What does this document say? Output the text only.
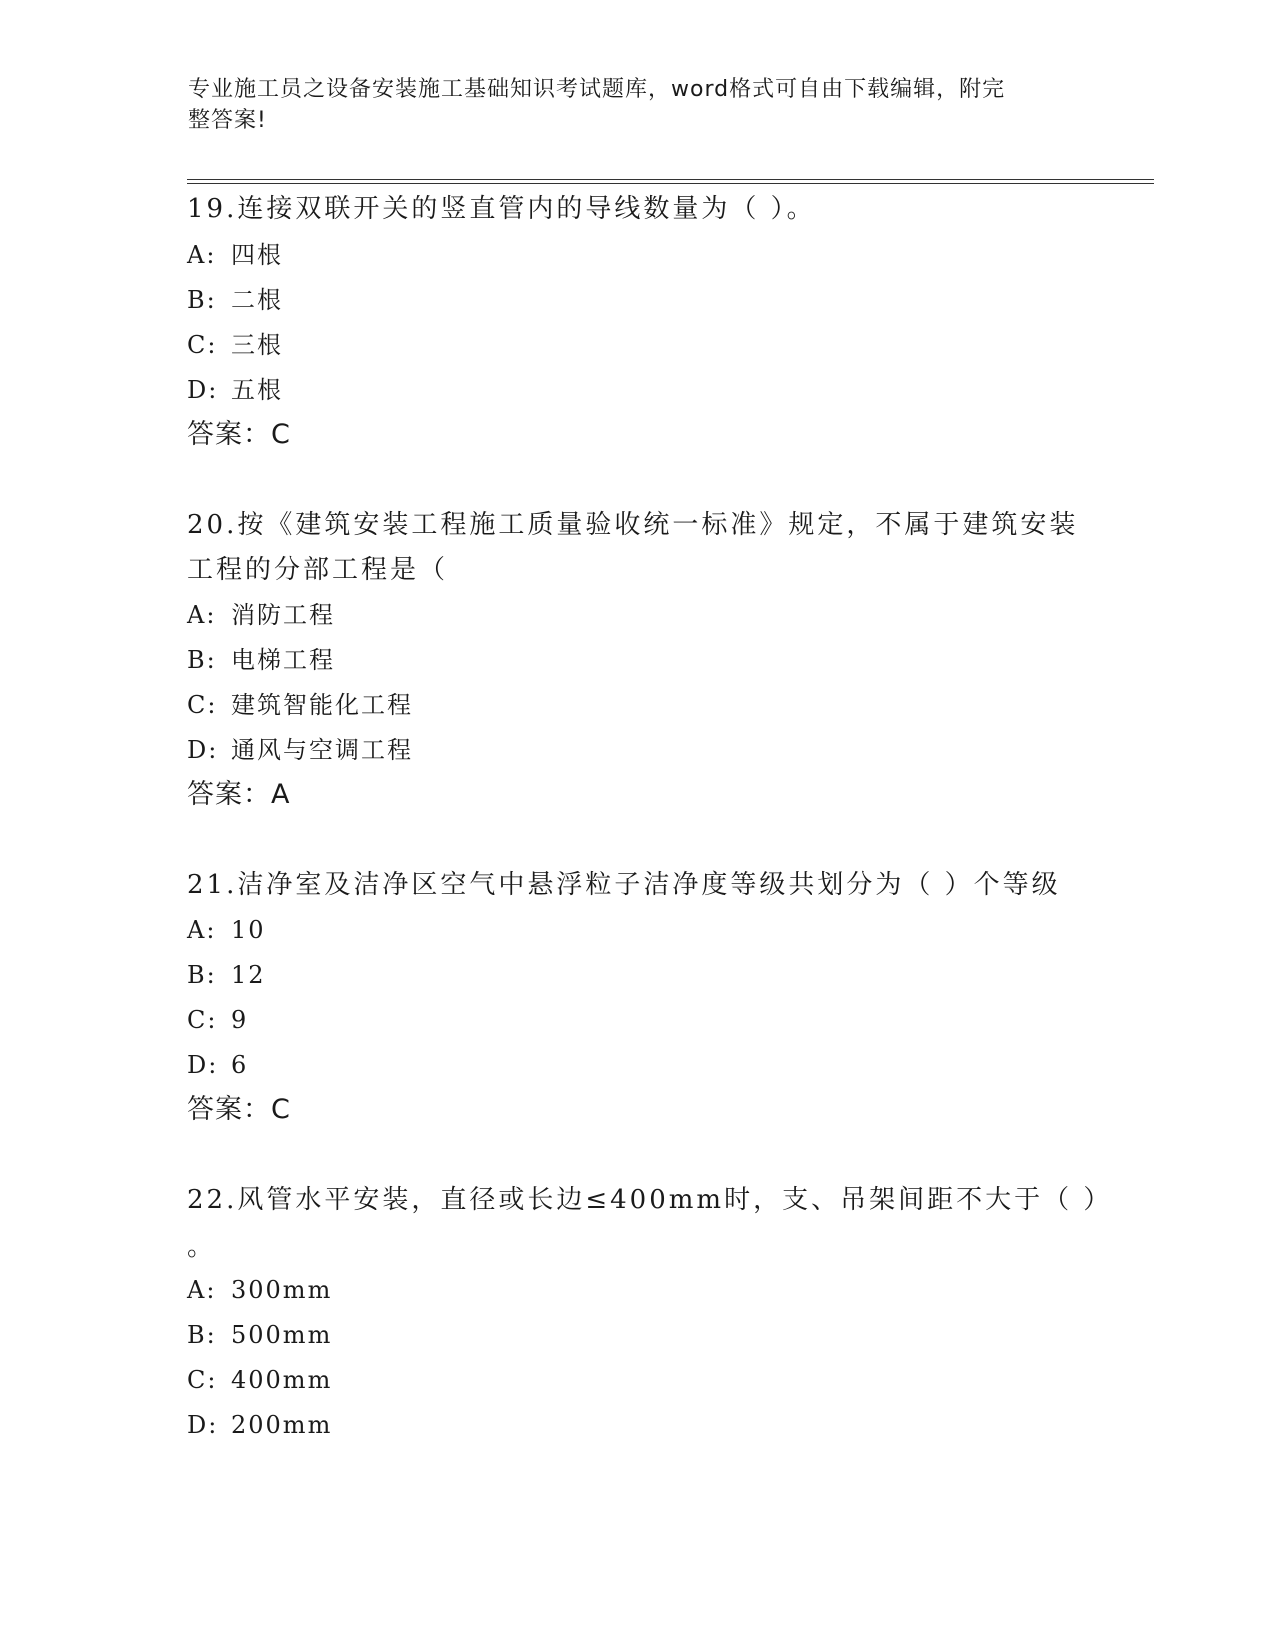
专业施工员之设备安装施工基础知识考试题库，word格式可自由下载编辑，附完
整答案!
19.连接双联开关的竖直管内的导线数量为（ ）。
A: 四根
B: 二根
C: 三根
D: 五根
答案：C
20.按《建筑安装工程施工质量验收统一标准》规定，不属于建筑安装
工程的分部工程是（
A: 消防工程
B: 电梯工程
C: 建筑智能化工程
D: 通风与空调工程
答案：A
21.洁净室及洁净区空气中悬浮粒子洁净度等级共划分为（ ）个等级
A: 10
B: 12
C: 9
D: 6
答案：C
22.风管水平安装，直径或长边≤400mm时，支、吊架间距不大于（ ）
。
A: 300mm
B: 500mm
C: 400mm
D: 200mm
